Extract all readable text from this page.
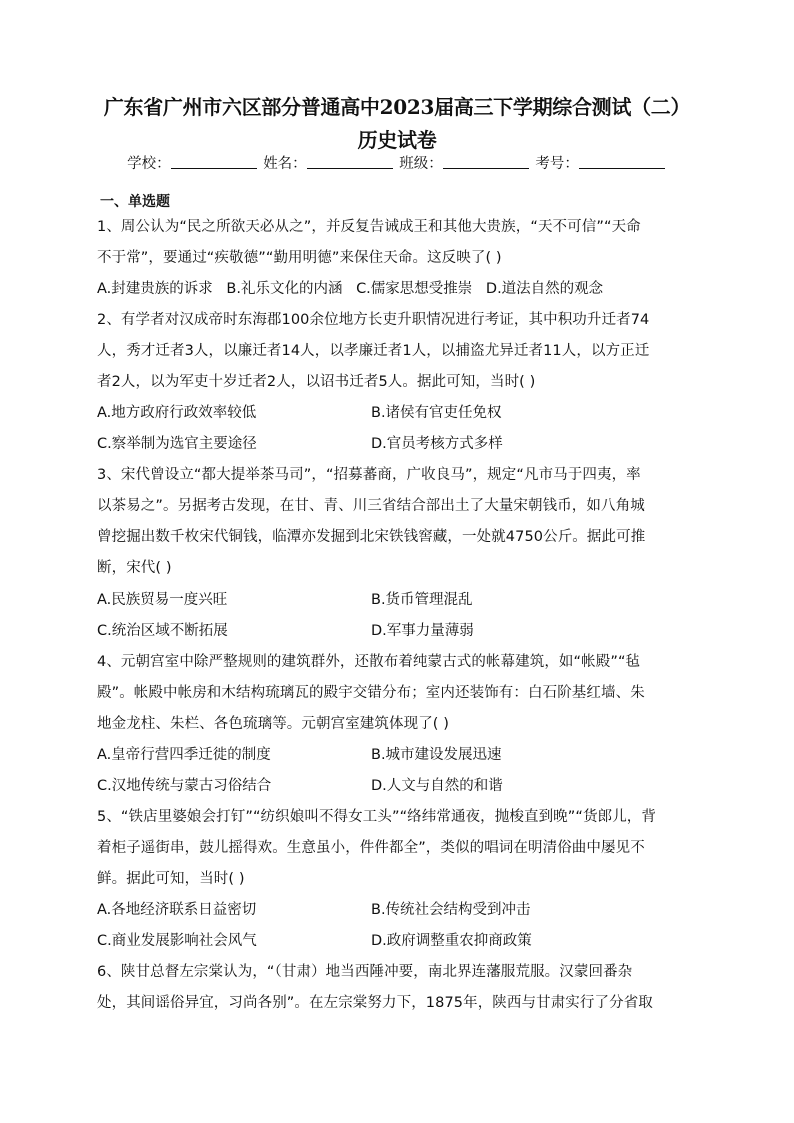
广东省广州市六区部分普通高中2023届高三下学期综合测试（二）
历史试卷
学校：	姓名：	班级：	考号：
一、单选题
1、周公认为“民之所欲天必从之”，并反复告诫成王和其他大贵族，“天不可信”“天命
不于常”，要通过“疾敬德”“勤用明德”来保住天命。这反映了( )
A.封建贵族的诉求 B.礼乐文化的内涵 C.儒家思想受推崇 D.道法自然的观念
2、有学者对汉成帝时东海郡100余位地方长吏升职情况进行考证，其中积功升迁者74
人，秀才迁者3人，以廉迁者14人，以孝廉迁者1人，以捕盗尤异迁者11人，以方正迁
者2人，以为军吏十岁迁者2人，以诏书迁者5人。据此可知，当时( )
A.地方政府行政效率较低	B.诸侯有官吏任免权
C.察举制为选官主要途径	D.官员考核方式多样
3、宋代曾设立“都大提举茶马司”，“招募蕃商，广收良马”，规定“凡市马于四夷，率
以茶易之”。另据考古发现，在甘、青、川三省结合部出土了大量宋朝钱币，如八角城
曾挖掘出数千枚宋代铜钱，临潭亦发掘到北宋铁钱窖藏，一处就4750公斤。据此可推
断，宋代( )
A.民族贸易一度兴旺	B.货币管理混乱
C.统治区域不断拓展	D.军事力量薄弱
4、元朝宫室中除严整规则的建筑群外，还散布着纯蒙古式的帐幕建筑，如“帐殿”“毡
殿”。帐殿中帐房和木结构琉璃瓦的殿宇交错分布；室内还装饰有：白石阶基红墙、朱
地金龙柱、朱栏、各色琉璃等。元朝宫室建筑体现了( )
A.皇帝行营四季迁徙的制度	B.城市建设发展迅速
C.汉地传统与蒙古习俗结合	D.人文与自然的和谐
5、“铁店里婆娘会打钉”“纺织娘叫不得女工头”“络纬常通夜，抛梭直到晚”“货郎儿，背
着柜子遥街串，鼓儿摇得欢。生意虽小，件件都全”，类似的唱词在明清俗曲中屡见不
鲜。据此可知，当时( )
A.各地经济联系日益密切	B.传统社会结构受到冲击
C.商业发展影响社会风气	D.政府调整重农抑商政策
6、陕甘总督左宗棠认为，“（甘肃）地当西陲冲要，南北界连藩服荒服。汉蒙回番杂
处，其间谣俗异宜，习尚各别”。在左宗棠努力下，1875年，陕西与甘肃实行了分省取
